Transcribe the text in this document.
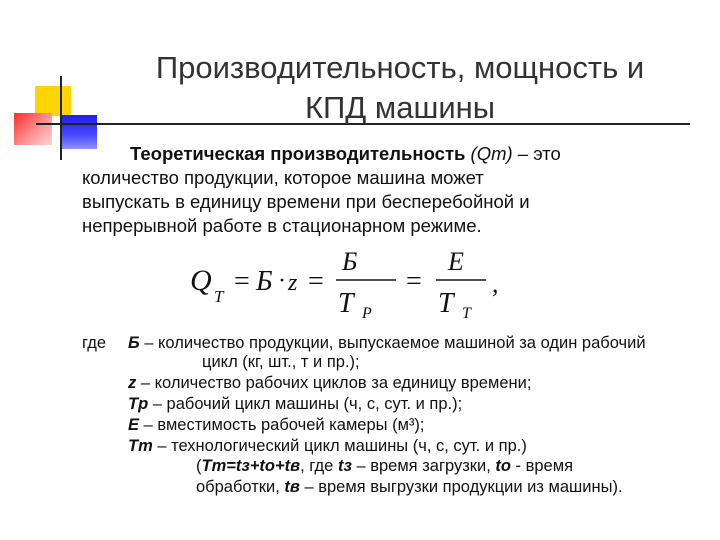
Производительность, мощность и
КПД машины
Теоретическая производительность (Qт) – это
количество продукции, которое машина может
выпускать в единицу времени при бесперебойной и
непрерывной работе в стационарном режиме.
Q T = Б · z =
Б
T P
=
E
T T
,
где Б – количество продукции, выпускаемое машиной за один рабочий
цикл (кг, шт., т и пр.);
z – количество рабочих циклов за единицу времени;
Tр – рабочий цикл машины (ч, с, сут. и пр.);
E – вместимость рабочей камеры (м³);
Tт – технологический цикл машины (ч, с, сут. и пр.)
(Tт=tз+tо+tв, где tз – время загрузки, tо - время
обработки, tв – время выгрузки продукции из машины).
